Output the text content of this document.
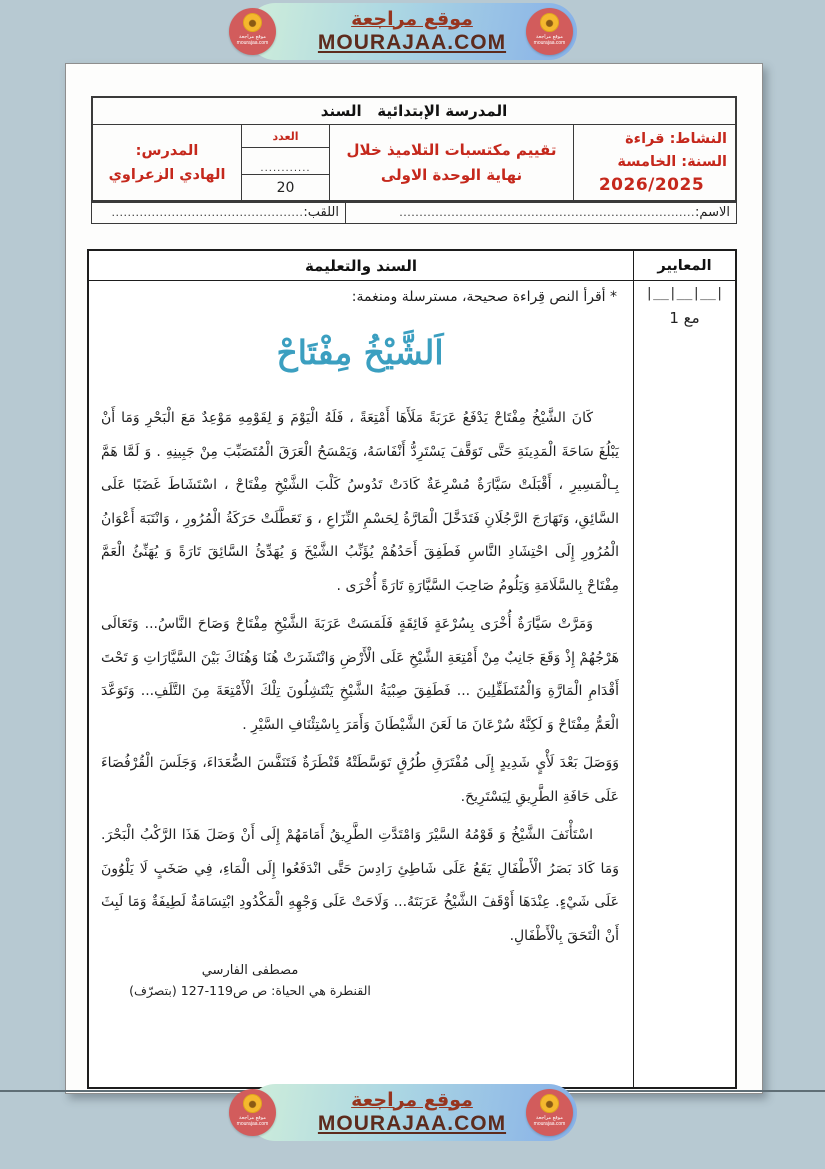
موقع مراجعة
mourajaa.com
موقع مراجعة
MOURAJAA.COM	موقع مراجعة
mourajaa.com
المدرسة الإبتدائية   السند
النشاط: قراءة
السنة: الخامسة
2026/2025
تقييم مكتسبات التلاميذ خلال نهاية الوحدة الاولى
العدد
............
20
المدرس:
الهادي الزعراوي
الاسم:
..........................................................................
اللقب:
................................................
المعايير
السند والتعليمة
|__|__|__|
مع 1
* أقرأ النص قِراءة صحيحة، مسترسلة ومنغمة:
اَلشَّيْخُ مِفْتَاحْ

كَانَ الشَّيْخُ مِفْتَاحْ يَدْفَعُ عَرَبَةً مَلَأَهَا أَمْتِعَةً ، فَلَهُ الْيَوْمَ وَ لِقَوْمِهِ مَوْعِدٌ مَعَ الْبَحْرِ وَمَا أَنْ يَبْلُغَ سَاحَةَ الْمَدِينَةِ حَتَّى تَوَقَّفَ يَسْتَرِدُّ أَنْفَاسَهُ، وَيَمْسَحُ الْعَرَقَ الْمُتَصَبِّبَ مِنْ جَبِينِهِ . وَ لَمَّا هَمَّ بِـالْمَسِيرِ ، أَقْبَلَتْ سَيَّارَةٌ مُسْرِعَةٌ كَادَتْ تَدُوسُ كَلْبَ الشَّيْخِ مِفْتَاحْ ، اسْتَشَاطَ غَضَبًا عَلَى السَّائِقِ، وَتَهَارَجَ الرَّجُلَانِ فَتَدَخَّلَ الْمَارَّةُ لِحَسْمِ النِّزَاعِ ، وَ تَعَطَّلَتْ حَرَكَةُ الْمُرُورِ ، وَانْتَبَهَ أَعْوَانُ الْمُرُورِ إِلَى احْتِشَادِ النَّاسِ فَطَفِقَ أَحَدُهُمْ يُؤَنِّبُ الشَّيْخَ وَ يُهَدِّئُ السَّائِقَ تَارَةً وَ يُهَنِّئُ الْعَمَّ مِفْتَاحْ بِالسَّلَامَةِ وَيَلُومُ صَاحِبَ السَّيَّارَةِ تَارَةً أُخْرَى .

وَمَرَّتْ سَيَّارَةٌ أُخْرَى بِسُرْعَةٍ فَائِقَةٍ فَلَمَسَتْ عَرَبَةَ الشَّيْخِ مِفْتَاحْ وَصَاحَ النَّاسُ... وَتَعَالَى هَرْجُهُمْ إِذْ وَقَعَ جَانِبٌ مِنْ أَمْتِعَةِ الشَّيْخِ عَلَى الْأَرْضِ وَانْتَشَرَتْ هُنَا وَهُنَاكَ بَيْنَ السَّيَّارَاتِ وَ تَحْتَ أَقْدَامِ الْمَارَّةِ وَالْمُتَطَفِّلِينَ ... فَطَفِقَ صِبْيَةُ الشَّيْخِ يَنْتَشِلُونَ تِلْكَ الْأَمْتِعَةَ مِنَ التَّلَفِ... وَتَوَعَّدَ الْعَمُّ مِفْتَاحْ وَ لَكِنَّهُ سُرْعَانَ مَا لَعَنَ الشَّيْطَانَ وَأَمَرَ بِاسْتِئْنَافِ السَّيْرِ .

وَوَصَلَ بَعْدَ لَأْيٍ شَدِيدٍ إِلَى مُفْتَرَقِ طُرُقٍ تَوَسَّطَتْهُ قَنْطَرَةٌ فَتَنَفَّسَ الصُّعَدَاءَ، وَجَلَسَ الْقُرْفُصَاءَ عَلَى حَافَةِ الطَّرِيقِ لِيَسْتَرِيحَ.

اسْتَأْنَفَ الشَّيْخُ وَ قَوْمُهُ السَّيْرَ وَامْتَدَّتِ الطَّرِيقُ أَمَامَهُمْ إِلَى أَنْ وَصَلَ هَذَا الرَّكْبُ الْبَحْرَ. وَمَا كَادَ بَصَرُ الْأَطْفَالِ يَقَعُ عَلَى شَاطِئِ رَادِسَ حَتَّى انْدَفَعُوا إِلَى الْمَاءِ، فِي صَخَبٍ لَا يَلْوُونَ عَلَى شَيْءٍ. عِنْدَهَا أَوْقَفَ الشَّيْخُ عَرَبَتَهُ... وَلَاحَتْ عَلَى وَجْهِهِ الْمَكْدُودِ ابْتِسَامَةٌ لَطِيفَةٌ وَمَا لَبِثَ أَنْ الْتَحَقَ بِالْأَطْفَالِ.

مصطفى الفارسي
القنطرة هي الحياة: ص ص119-127 (بتصرّف)
موقع مراجعة
mourajaa.com
موقع مراجعة
MOURAJAA.COM	موقع مراجعة
mourajaa.com
